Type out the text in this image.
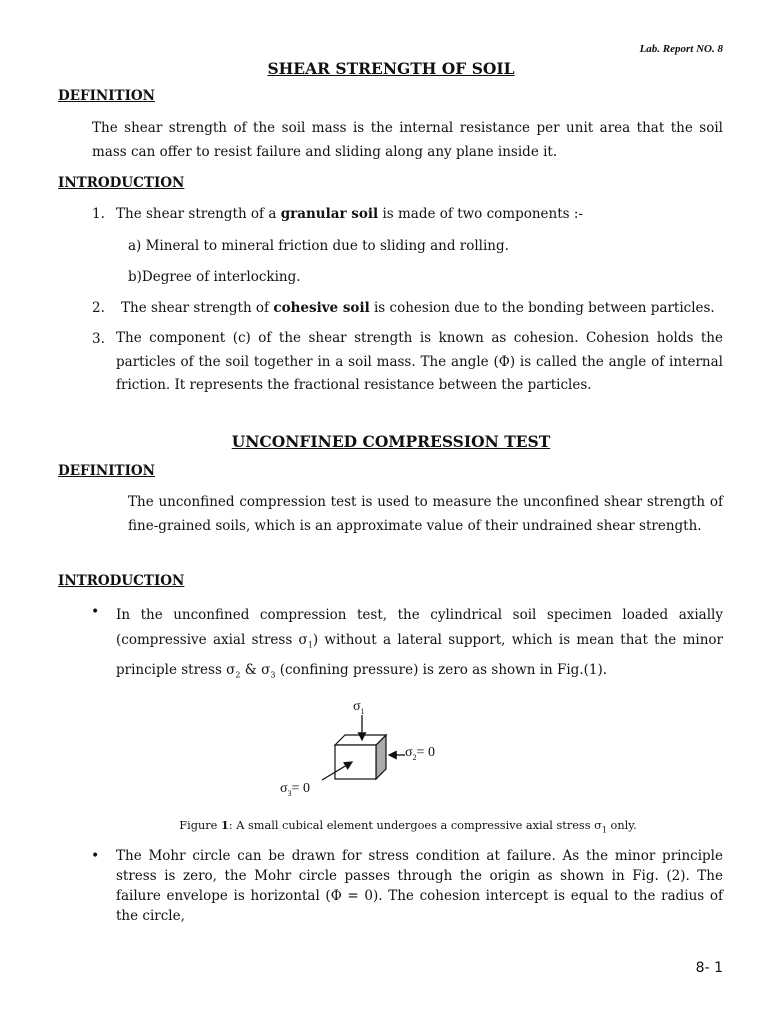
Lab. Report NO. 8
SHEAR STRENGTH OF SOIL
DEFINITION
The shear strength of the soil mass is the internal resistance per unit area that the soil mass can offer to resist failure and sliding along any plane inside it.
INTRODUCTION
1. The shear strength of a granular soil is made of two components :-
a) Mineral to mineral friction due to sliding and rolling.
b)Degree of interlocking.
2. The shear strength of cohesive soil is cohesion due to the bonding between particles.
3. The component (c) of the shear strength is known as cohesion. Cohesion holds the particles of the soil together in a soil mass. The angle (Φ) is called the angle of internal friction. It represents the fractional resistance between the particles.
UNCONFINED COMPRESSION TEST
DEFINITION
The unconfined compression test is used to measure the unconfined shear strength of fine-grained soils, which is an approximate value of their undrained shear strength.
INTRODUCTION
• In the unconfined compression test, the cylindrical soil specimen loaded axially (compressive axial stress $\sigma_1$) without a lateral support, which is mean that the minor principle stress $\sigma_2$ & $\sigma_3$ (confining pressure) is zero as shown in Fig.(1).
$\sigma_1$
$\sigma_2= 0$
$\sigma_3= 0$
Figure 1: A small cubical element undergoes a compressive axial stress $\sigma_1$ only.
• The Mohr circle can be drawn for stress condition at failure. As the minor principle stress is zero, the Mohr circle passes through the origin as shown in Fig. (2). The failure envelope is horizontal (Φ = 0). The cohesion intercept is equal to the radius of the circle,
8- 1
